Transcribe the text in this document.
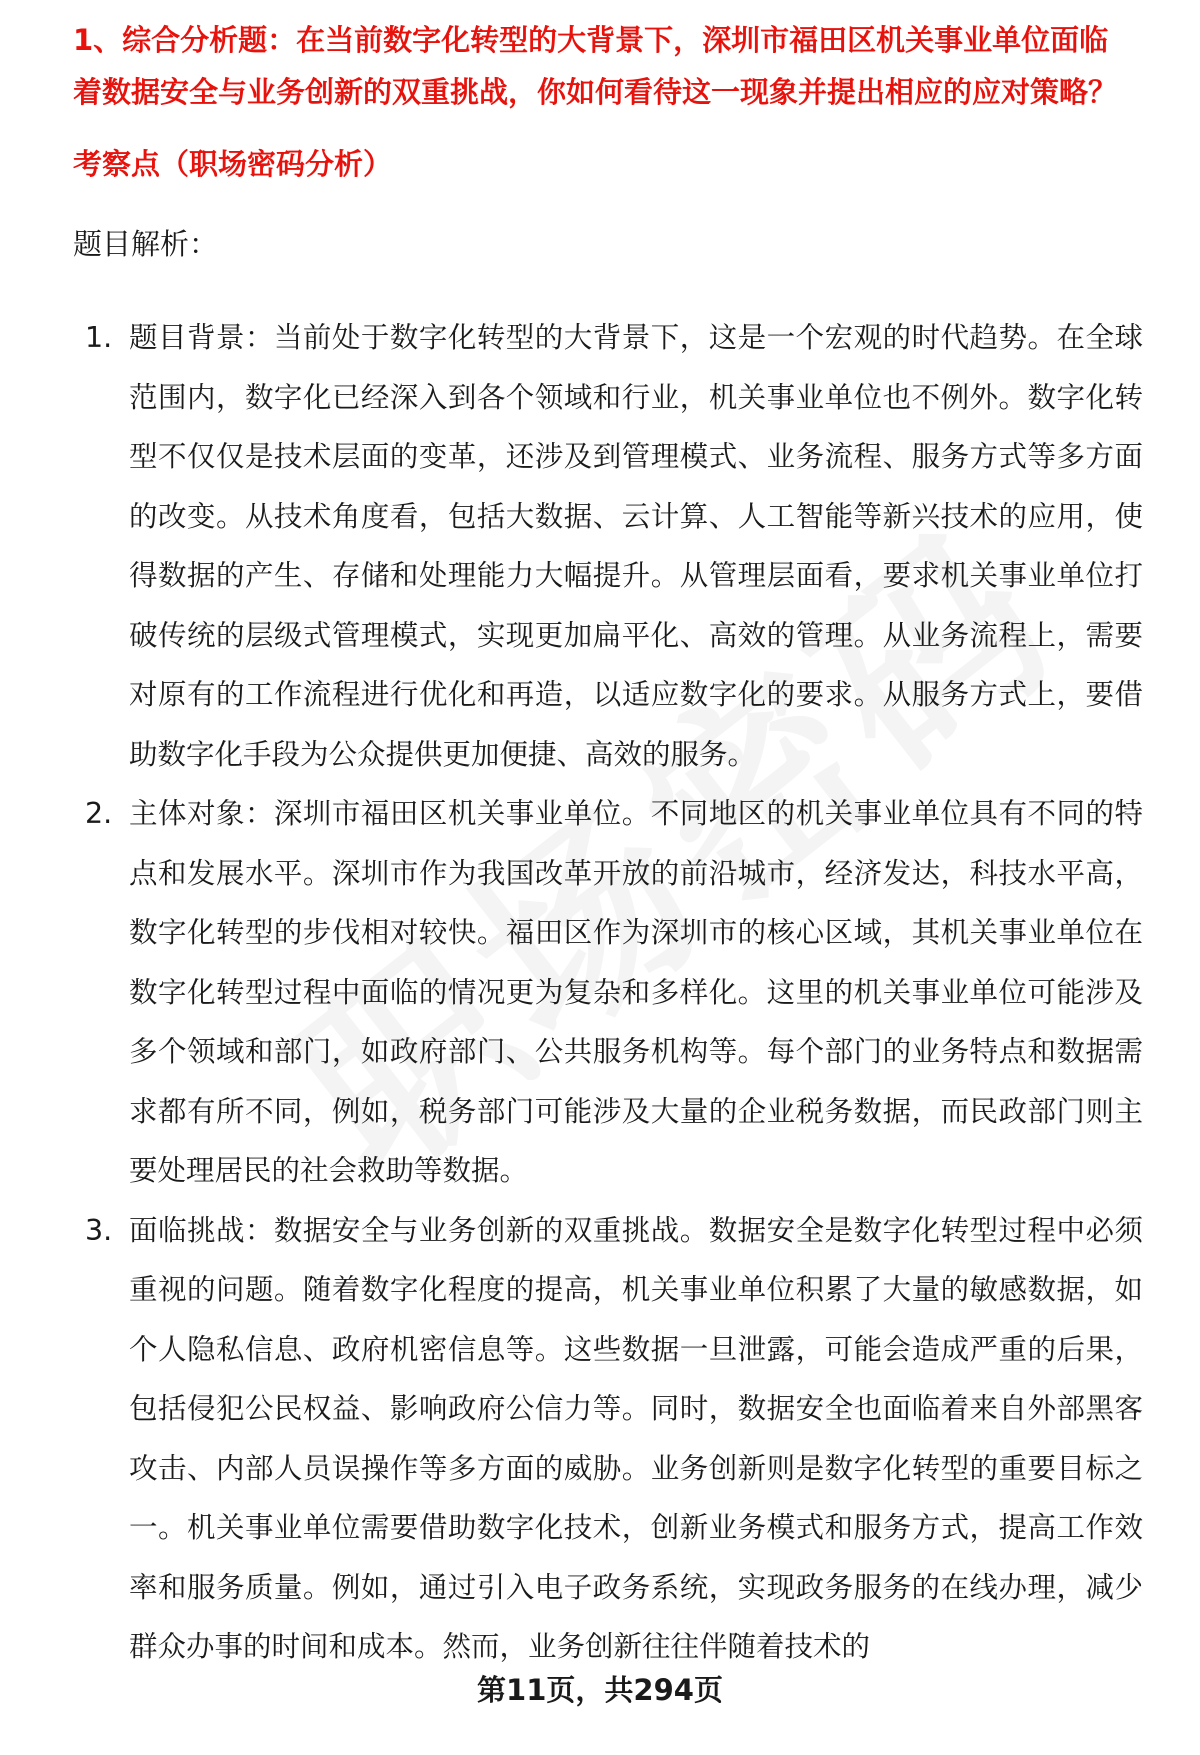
1、综合分析题：在当前数字化转型的大背景下，深圳市福田区机关事业单位面临
着数据安全与业务创新的双重挑战，你如何看待这一现象并提出相应的应对策略？
考察点（职场密码分析）
题目解析：
1. 题目背景：当前处于数字化转型的大背景下，这是一个宏观的时代趋势。在全球范围内，数字化已经深入到各个领域和行业，机关事业单位也不例外。数字化转型不仅仅是技术层面的变革，还涉及到管理模式、业务流程、服务方式等多方面的改变。从技术角度看，包括大数据、云计算、人工智能等新兴技术的应用，使得数据的产生、存储和处理能力大幅提升。从管理层面看，要求机关事业单位打破传统的层级式管理模式，实现更加扁平化、高效的管理。从业务流程上，需要对原有的工作流程进行优化和再造，以适应数字化的要求。从服务方式上，要借助数字化手段为公众提供更加便捷、高效的服务。
2. 主体对象：深圳市福田区机关事业单位。不同地区的机关事业单位具有不同的特点和发展水平。深圳市作为我国改革开放的前沿城市，经济发达，科技水平高，数字化转型的步伐相对较快。福田区作为深圳市的核心区域，其机关事业单位在数字化转型过程中面临的情况更为复杂和多样化。这里的机关事业单位可能涉及多个领域和部门，如政府部门、公共服务机构等。每个部门的业务特点和数据需求都有所不同，例如，税务部门可能涉及大量的企业税务数据，而民政部门则主要处理居民的社会救助等数据。
3. 面临挑战：数据安全与业务创新的双重挑战。数据安全是数字化转型过程中必须重视的问题。随着数字化程度的提高，机关事业单位积累了大量的敏感数据，如个人隐私信息、政府机密信息等。这些数据一旦泄露，可能会造成严重的后果，包括侵犯公民权益、影响政府公信力等。同时，数据安全也面临着来自外部黑客攻击、内部人员误操作等多方面的威胁。业务创新则是数字化转型的重要目标之一。机关事业单位需要借助数字化技术，创新业务模式和服务方式，提高工作效率和服务质量。例如，通过引入电子政务系统，实现政务服务的在线办理，减少群众办事的时间和成本。然而，业务创新往往伴随着技术的
第11页，共294页
